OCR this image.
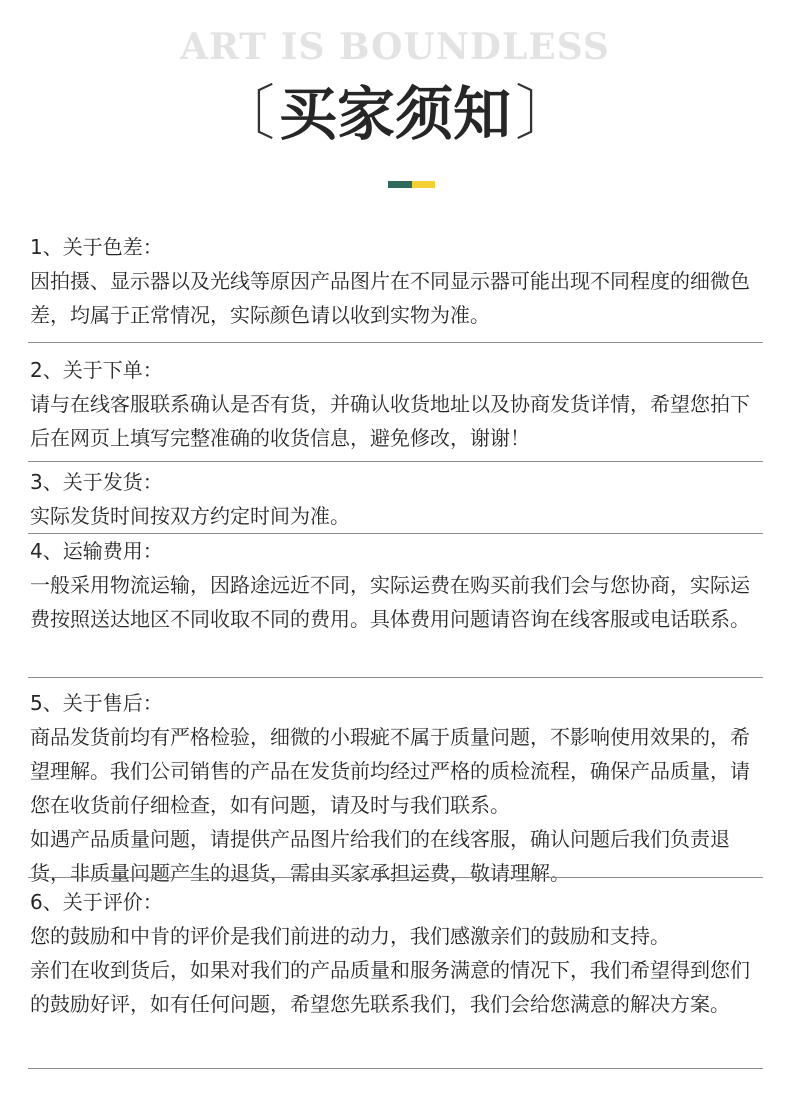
ART IS BOUNDLESS
〔买家须知〕

1、关于色差：

因拍摄、显示器以及光线等原因产品图片在不同显示器可能出现不同程度的细微色差，均属于正常情况，实际颜色请以收到实物为准。

2、关于下单：

请与在线客服联系确认是否有货，并确认收货地址以及协商发货详情，希望您拍下后在网页上填写完整准确的收货信息，避免修改，谢谢！

3、关于发货：

实际发货时间按双方约定时间为准。

4、运输费用：

一般采用物流运输，因路途远近不同，实际运费在购买前我们会与您协商，实际运费按照送达地区不同收取不同的费用。具体费用问题请咨询在线客服或电话联系。

5、关于售后：

商品发货前均有严格检验，细微的小瑕疵不属于质量问题，不影响使用效果的，希望理解。我们公司销售的产品在发货前均经过严格的质检流程，确保产品质量，请您在收货前仔细检查，如有问题，请及时与我们联系。

如遇产品质量问题，请提供产品图片给我们的在线客服，确认问题后我们负责退货，非质量问题产生的退货，需由买家承担运费，敬请理解。

6、关于评价：

您的鼓励和中肯的评价是我们前进的动力，我们感激亲们的鼓励和支持。

亲们在收到货后，如果对我们的产品质量和服务满意的情况下，我们希望得到您们的鼓励好评，如有任何问题，希望您先联系我们，我们会给您满意的解决方案。
